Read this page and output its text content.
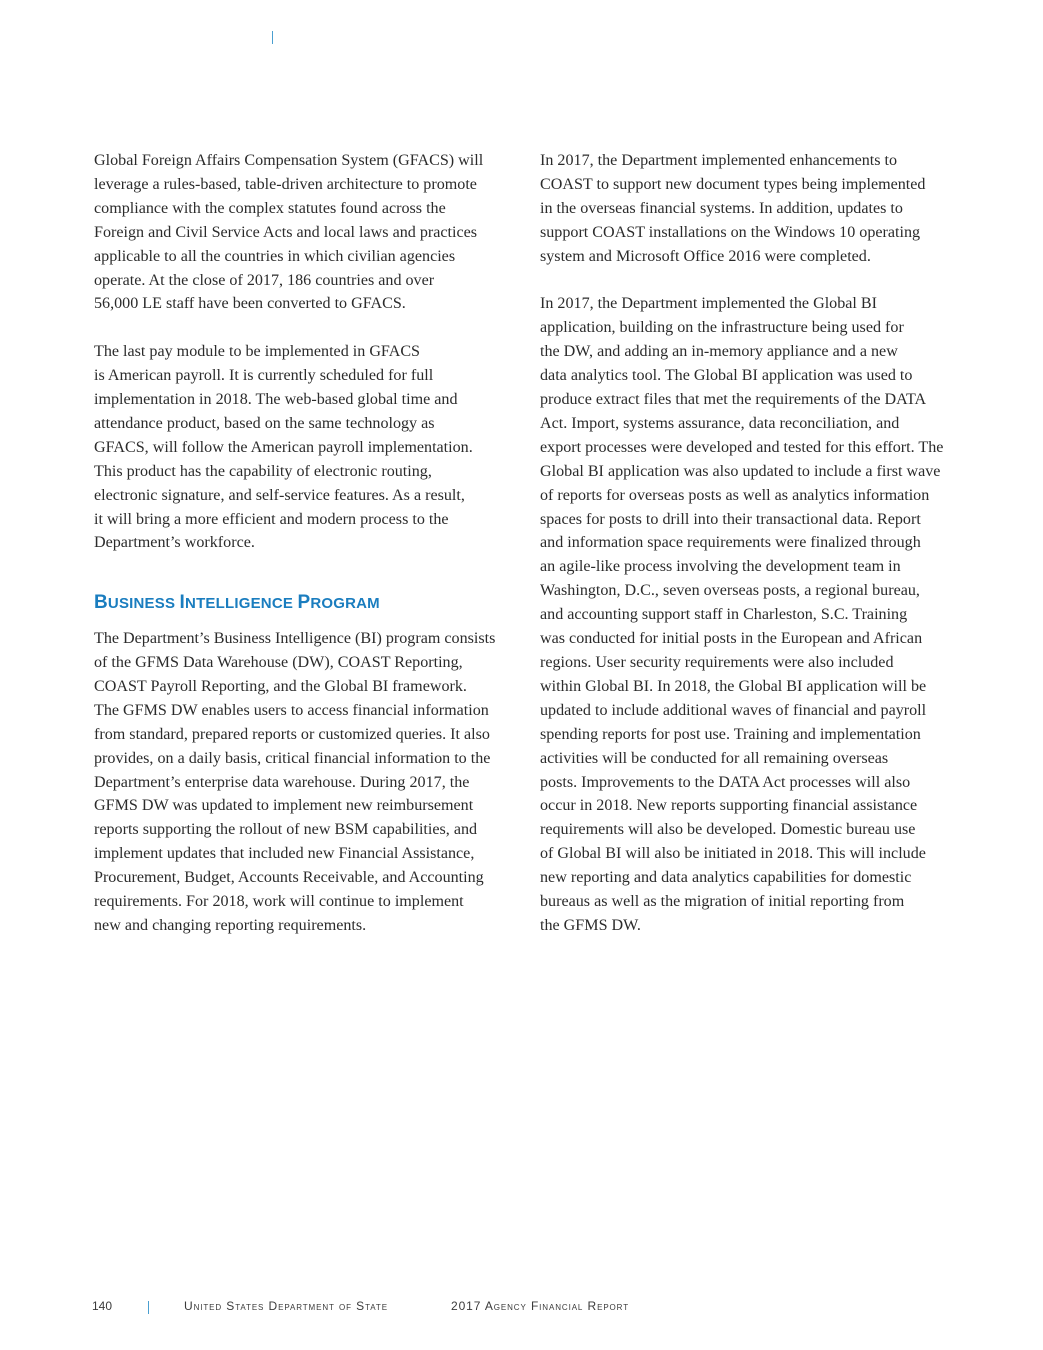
Global Foreign Affairs Compensation System (GFACS) will
leverage a rules-based, table-driven architecture to promote
compliance with the complex statutes found across the
Foreign and Civil Service Acts and local laws and practices
applicable to all the countries in which civilian agencies
operate. At the close of 2017, 186 countries and over
56,000 LE staff have been converted to GFACS.
The last pay module to be implemented in GFACS
is American payroll. It is currently scheduled for full
implementation in 2018. The web-based global time and
attendance product, based on the same technology as
GFACS, will follow the American payroll implementation.
This product has the capability of electronic routing,
electronic signature, and self-service features. As a result,
it will bring a more efficient and modern process to the
Department’s workforce.
BUSINESS INTELLIGENCE PROGRAM
The Department’s Business Intelligence (BI) program consists
of the GFMS Data Warehouse (DW), COAST Reporting,
COAST Payroll Reporting, and the Global BI framework.
The GFMS DW enables users to access financial information
from standard, prepared reports or customized queries. It also
provides, on a daily basis, critical financial information to the
Department’s enterprise data warehouse. During 2017, the
GFMS DW was updated to implement new reimbursement
reports supporting the rollout of new BSM capabilities, and
implement updates that included new Financial Assistance,
Procurement, Budget, Accounts Receivable, and Accounting
requirements. For 2018, work will continue to implement
new and changing reporting requirements.
In 2017, the Department implemented enhancements to
COAST to support new document types being implemented
in the overseas financial systems. In addition, updates to
support COAST installations on the Windows 10 operating
system and Microsoft Office 2016 were completed.
In 2017, the Department implemented the Global BI
application, building on the infrastructure being used for
the DW, and adding an in-memory appliance and a new
data analytics tool. The Global BI application was used to
produce extract files that met the requirements of the DATA
Act. Import, systems assurance, data reconciliation, and
export processes were developed and tested for this effort. The
Global BI application was also updated to include a first wave
of reports for overseas posts as well as analytics information
spaces for posts to drill into their transactional data. Report
and information space requirements were finalized through
an agile-like process involving the development team in
Washington, D.C., seven overseas posts, a regional bureau,
and accounting support staff in Charleston, S.C. Training
was conducted for initial posts in the European and African
regions. User security requirements were also included
within Global BI. In 2018, the Global BI application will be
updated to include additional waves of financial and payroll
spending reports for post use. Training and implementation
activities will be conducted for all remaining overseas
posts. Improvements to the DATA Act processes will also
occur in 2018. New reports supporting financial assistance
requirements will also be developed. Domestic bureau use
of Global BI will also be initiated in 2018. This will include
new reporting and data analytics capabilities for domestic
bureaus as well as the migration of initial reporting from
the GFMS DW.
140	United States Department of State	2017 Agency Financial Report
